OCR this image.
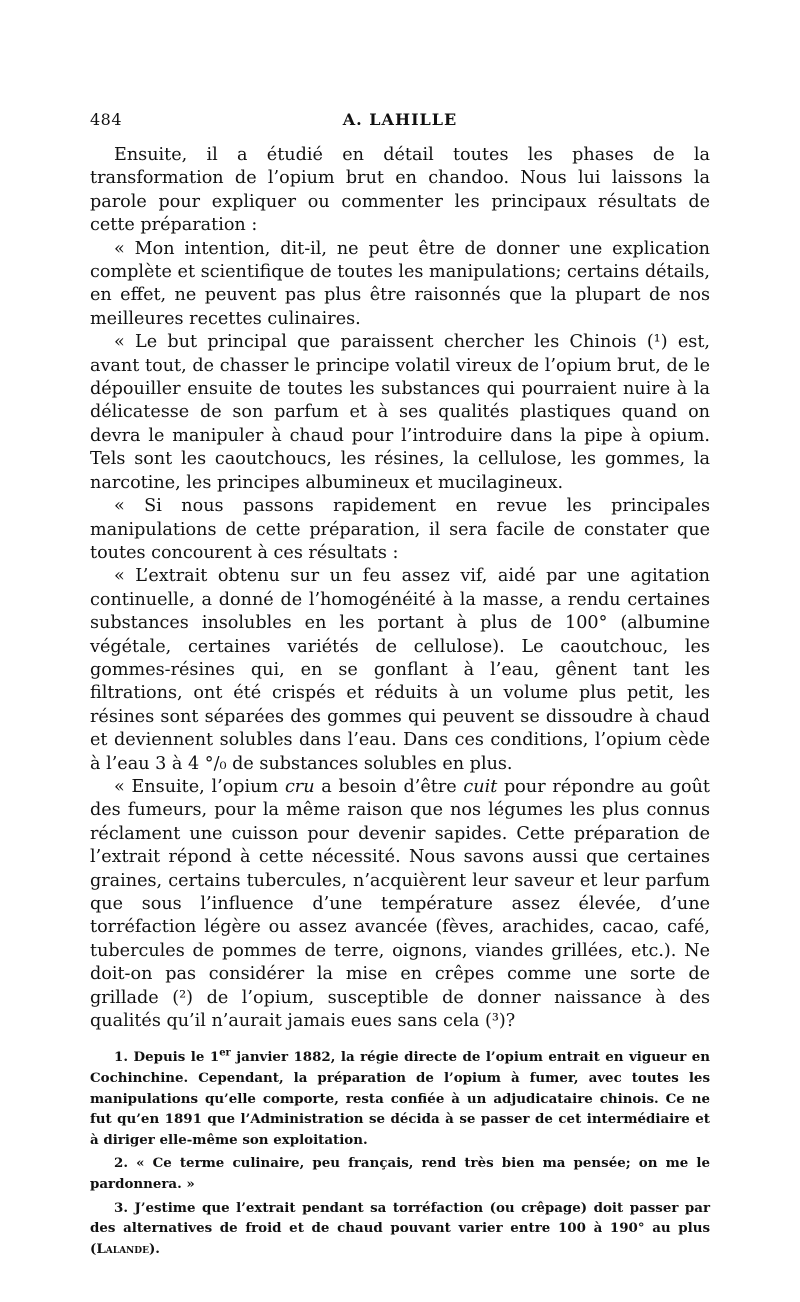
484	A. LAHILLE

Ensuite, il a étudié en détail toutes les phases de la transformation de l’opium brut en chandoo. Nous lui laissons la parole pour expliquer ou commenter les principaux résultats de cette préparation :

« Mon intention, dit-il, ne peut être de donner une explication complète et scientifique de toutes les manipulations; certains détails, en effet, ne peuvent pas plus être raisonnés que la plupart de nos meilleures recettes culinaires.

« Le but principal que paraissent chercher les Chinois (¹) est, avant tout, de chasser le principe volatil vireux de l’opium brut, de le dépouiller ensuite de toutes les substances qui pourraient nuire à la délicatesse de son parfum et à ses qualités plastiques quand on devra le manipuler à chaud pour l’introduire dans la pipe à opium. Tels sont les caoutchoucs, les résines, la cellulose, les gommes, la narcotine, les principes albumineux et mucilagineux.

« Si nous passons rapidement en revue les principales manipulations de cette préparation, il sera facile de constater que toutes concourent à ces résultats :

« L’extrait obtenu sur un feu assez vif, aidé par une agitation continuelle, a donné de l’homogénéité à la masse, a rendu certaines substances insolubles en les portant à plus de 100° (albumine végétale, certaines variétés de cellulose). Le caoutchouc, les gommes-résines qui, en se gonflant à l’eau, gênent tant les filtrations, ont été crispés et réduits à un volume plus petit, les résines sont séparées des gommes qui peuvent se dissoudre à chaud et deviennent solubles dans l’eau. Dans ces conditions, l’opium cède à l’eau 3 à 4 °/₀ de substances solubles en plus.

« Ensuite, l’opium cru a besoin d’être cuit pour répondre au goût des fumeurs, pour la même raison que nos légumes les plus connus réclament une cuisson pour devenir sapides. Cette préparation de l’extrait répond à cette nécessité. Nous savons aussi que certaines graines, certains tubercules, n’acquièrent leur saveur et leur parfum que sous l’influence d’une température assez élevée, d’une torréfaction légère ou assez avancée (fèves, arachides, cacao, café, tubercules de pommes de terre, oignons, viandes grillées, etc.). Ne doit-on pas considérer la mise en crêpes comme une sorte de grillade (²) de l’opium, susceptible de donner naissance à des qualités qu’il n’aurait jamais eues sans cela (³)?

1. Depuis le 1er janvier 1882, la régie directe de l’opium entrait en vigueur en Cochinchine. Cependant, la préparation de l’opium à fumer, avec toutes les manipulations qu’elle comporte, resta confiée à un adjudicataire chinois. Ce ne fut qu’en 1891 que l’Administration se décida à se passer de cet intermédiaire et à diriger elle-même son exploitation.

2. « Ce terme culinaire, peu français, rend très bien ma pensée; on me le pardonnera. »

3. J’estime que l’extrait pendant sa torréfaction (ou crêpage) doit passer par des alternatives de froid et de chaud pouvant varier entre 100 à 190° au plus (Lalande).
